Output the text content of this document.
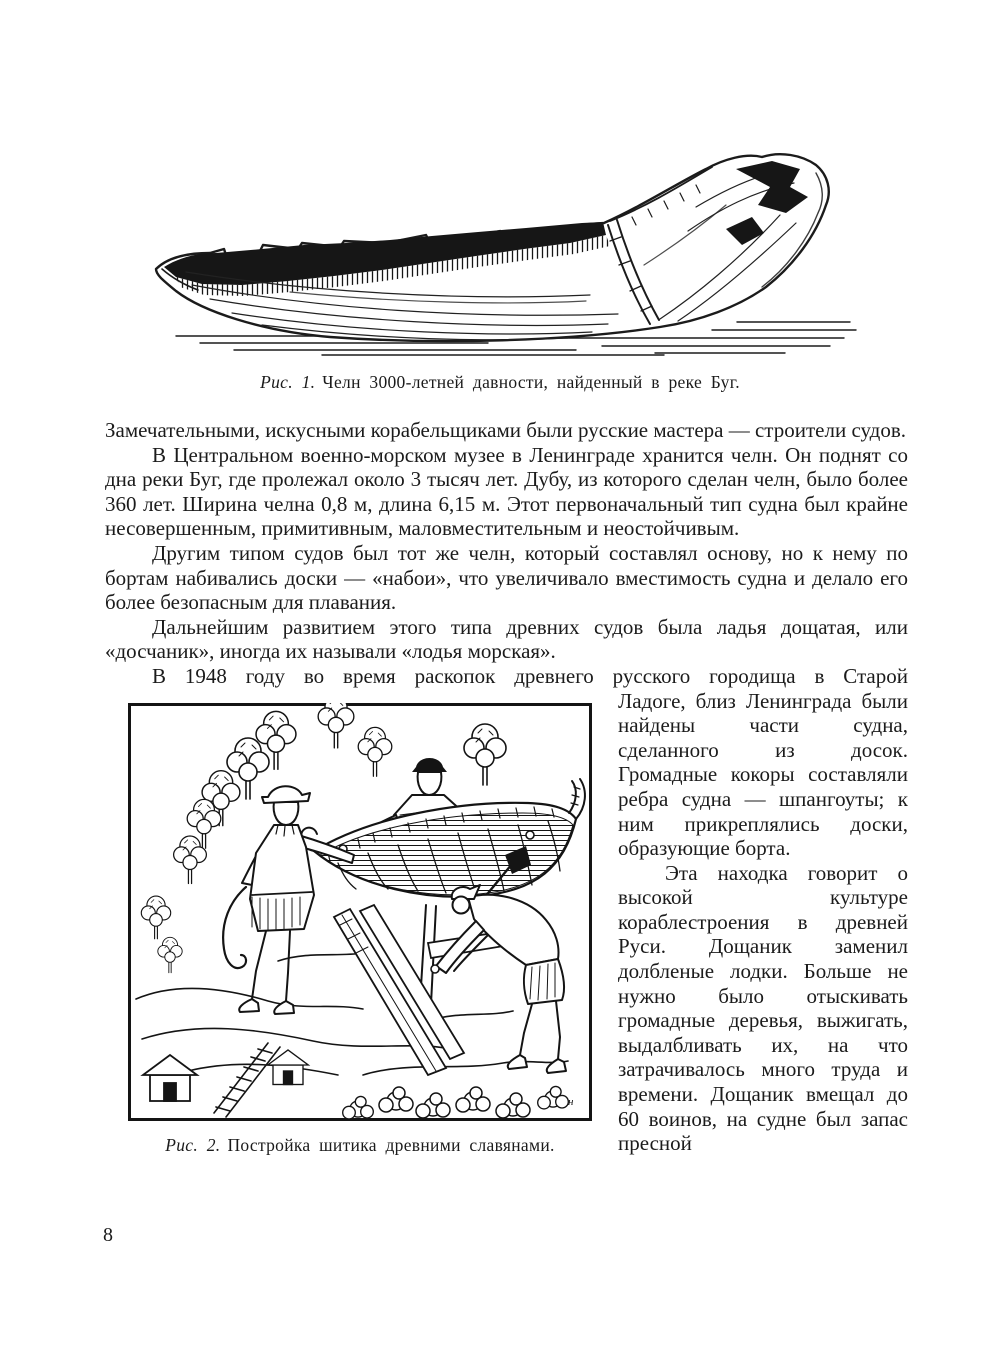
Рис. 1. Челн 3000-летней давности, найденный в реке Буг.

Замечательными, искусными корабельщиками были русские мастера — строители судов.

В Центральном военно-морском музее в Ленинграде хранится челн. Он поднят со дна реки Буг, где пролежал около 3 тысяч лет. Дубу, из которого сделан челн, было более 360 лет. Ширина челна 0,8 м, длина 6,15 м. Этот первоначальный тип судна был крайне несовершенным, примитивным, маловместительным и неостойчивым.

Другим типом судов был тот же челн, который составлял основу, но к нему по бортам набивались доски — «набои», что увеличивало вместимость судна и делало его более безопасным для плавания.

Дальнейшим развитием этого типа древних судов была ладья дощатая, или «досчаник», иногда их называли «лодья морская».

В 1948 году во время раскопок древнего русского городища в Старой

н
Рис. 2. Постройка шитика древними славянами.

Ладоге, близ Ленинграда были найдены части судна, сделанного из досок. Громадные кокоры составляли ребра судна — шпангоуты; к ним прикреплялись доски, образующие борта.

Эта находка говорит о высокой культуре кораблестроения в древней Руси. Дощаник заменил долбленые лодки. Больше не нужно было отыскивать громадные деревья, выжигать, выдалбливать их, на что затрачивалось много труда и времени. Дощаник вмещал до 60 воинов, на судне был запас пресной

8
